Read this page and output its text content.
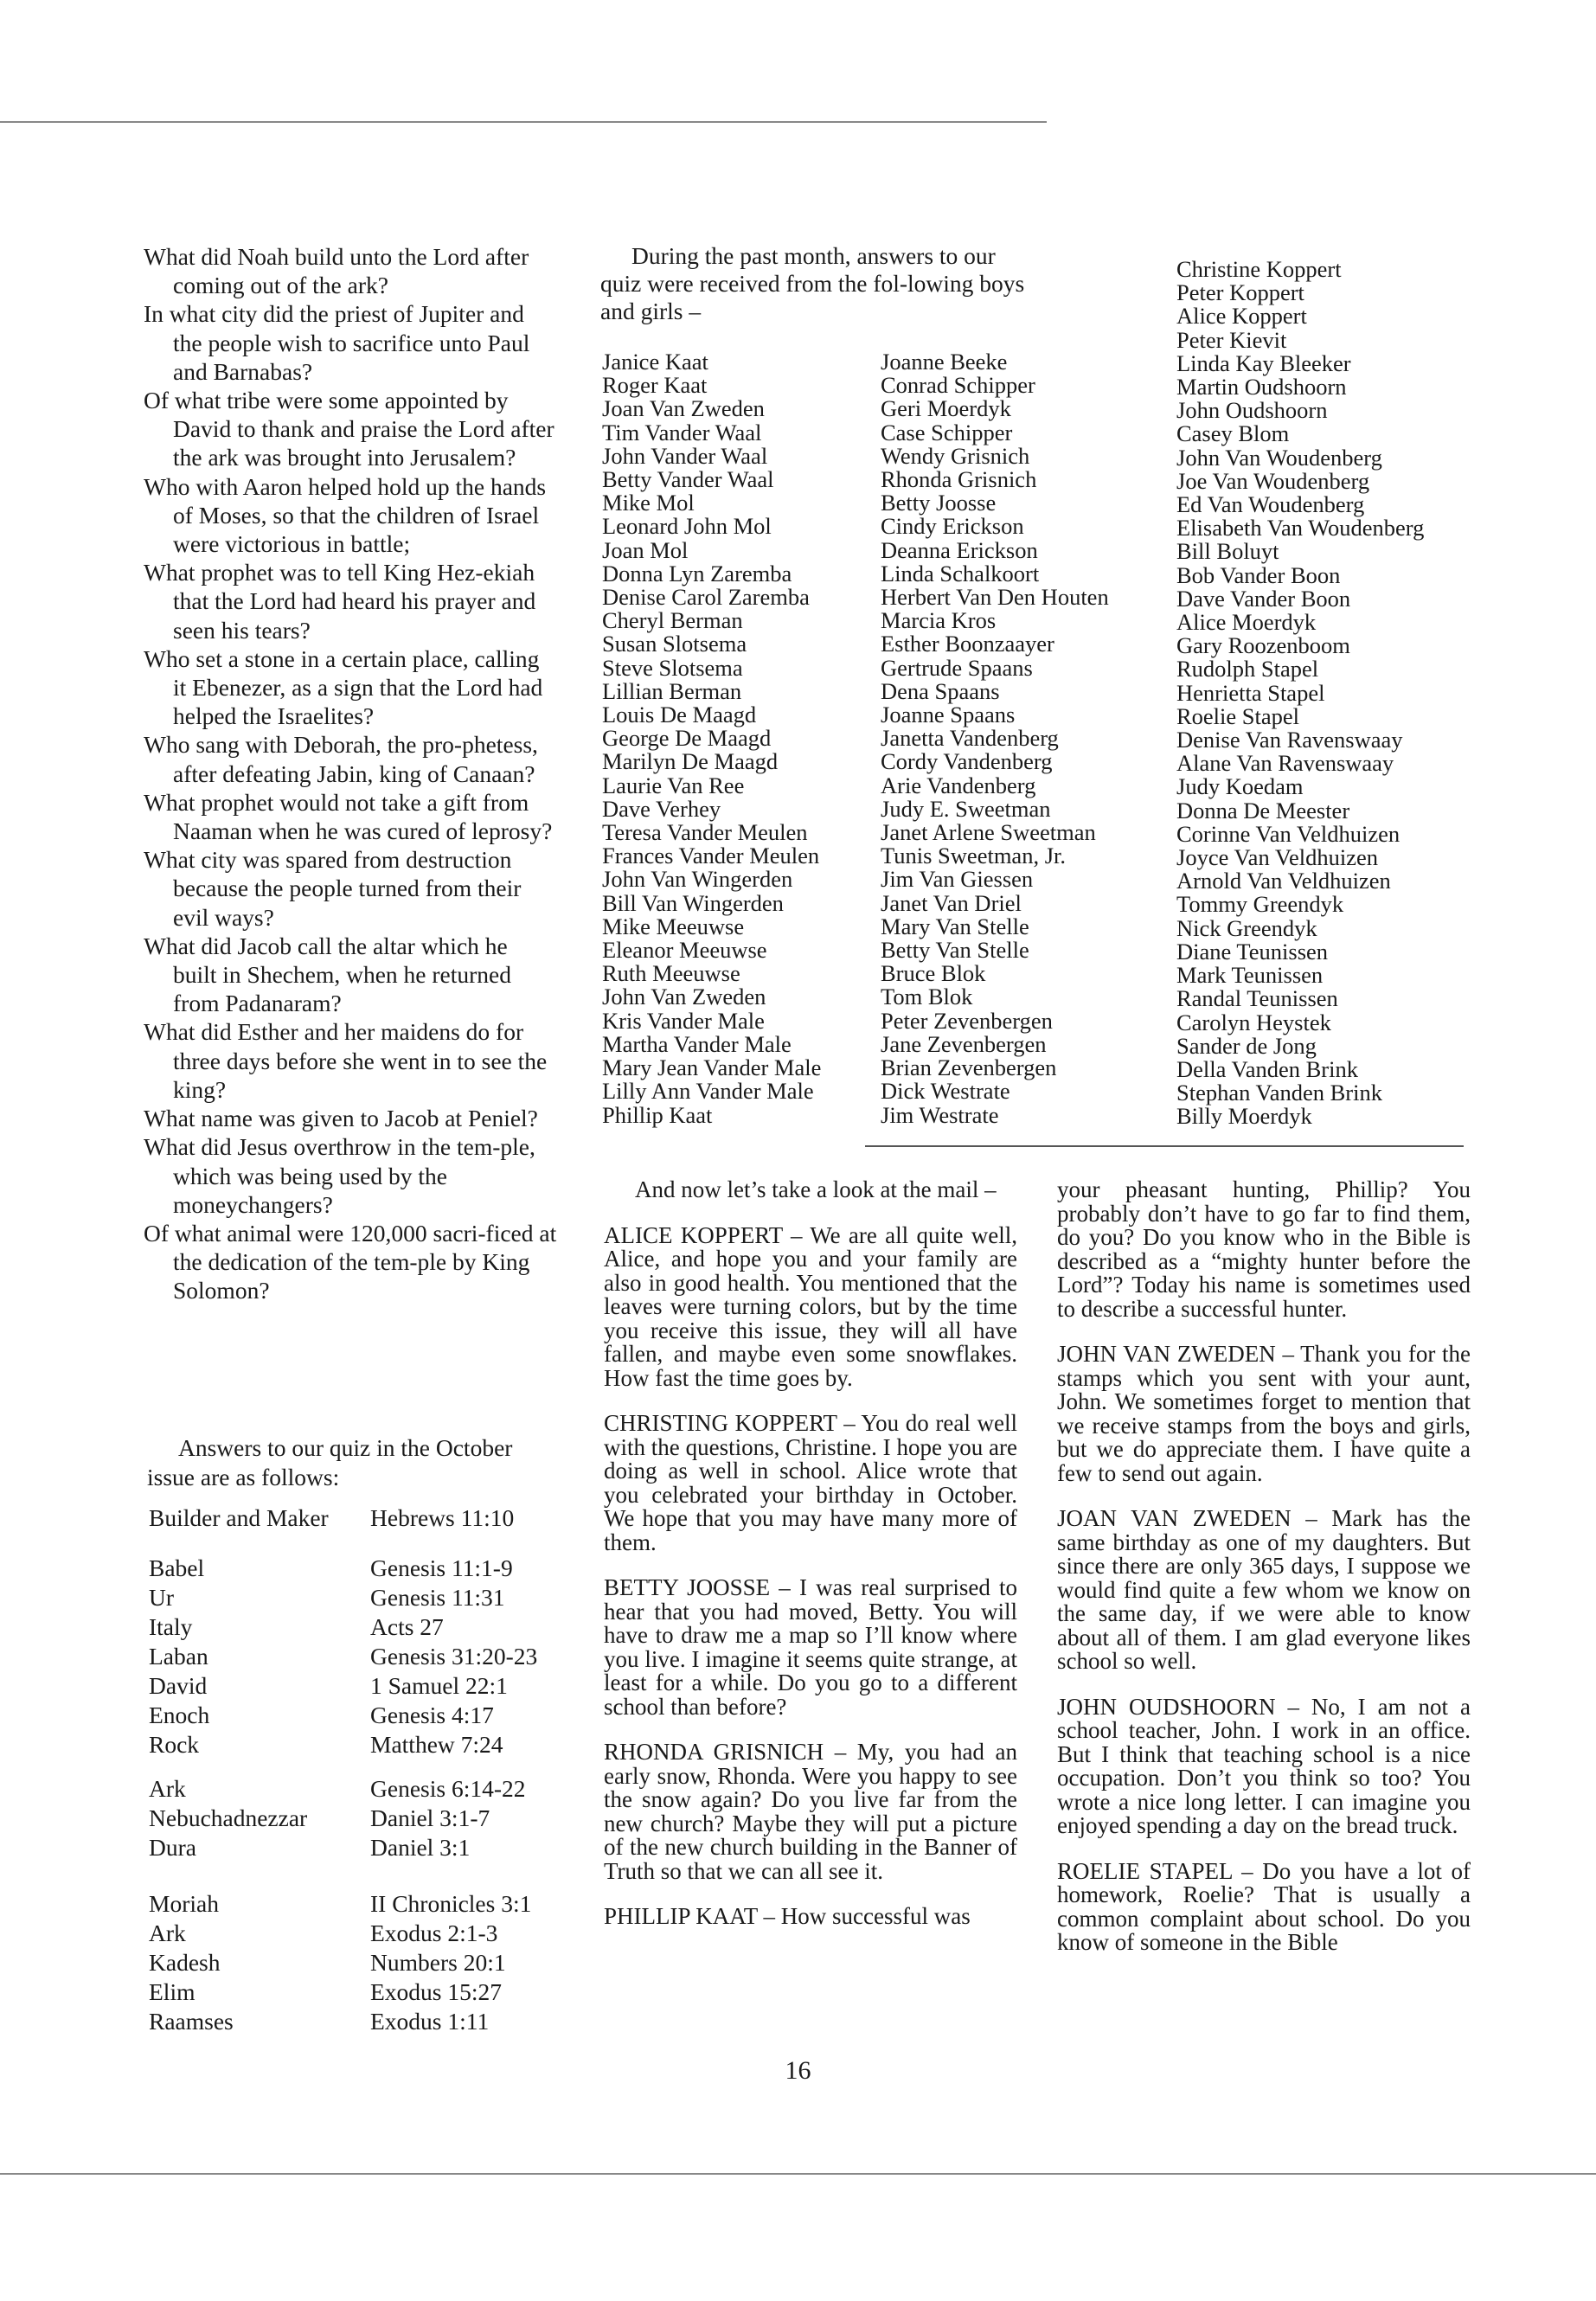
What did Noah build unto the Lord after coming out of the ark?

In what city did the priest of Jupiter and the people wish to sacrifice unto Paul and Barnabas?

Of what tribe were some appointed by David to thank and praise the Lord after the ark was brought into Jerusalem?

Who with Aaron helped hold up the hands of Moses, so that the children of Israel were victorious in battle;

What prophet was to tell King Hez-ekiah that the Lord had heard his prayer and seen his tears?

Who set a stone in a certain place, calling it Ebenezer, as a sign that the Lord had helped the Israelites?

Who sang with Deborah, the pro-phetess, after defeating Jabin, king of Canaan?

What prophet would not take a gift from Naaman when he was cured of leprosy?

What city was spared from destruction because the people turned from their evil ways?

What did Jacob call the altar which he built in Shechem, when he returned from Padanaram?

What did Esther and her maidens do for three days before she went in to see the king?

What name was given to Jacob at Peniel?

What did Jesus overthrow in the tem-ple, which was being used by the moneychangers?

Of what animal were 120,000 sacri-ficed at the dedication of the tem-ple by King Solomon?

During the past month, answers to our quiz were received from the fol-lowing boys and girls –
Janice Kaat
Roger Kaat
Joan Van Zweden
Tim Vander Waal
John Vander Waal
Betty Vander Waal
Mike Mol
Leonard John Mol
Joan Mol
Donna Lyn Zaremba
Denise Carol Zaremba
Cheryl Berman
Susan Slotsema
Steve Slotsema
Lillian Berman
Louis De Maagd
George De Maagd
Marilyn De Maagd
Laurie Van Ree
Dave Verhey
Teresa Vander Meulen
Frances Vander Meulen
John Van Wingerden
Bill Van Wingerden
Mike Meeuwse
Eleanor Meeuwse
Ruth Meeuwse
John Van Zweden
Kris Vander Male
Martha Vander Male
Mary Jean Vander Male
Lilly Ann Vander Male
Phillip Kaat
Joanne Beeke
Conrad Schipper
Geri Moerdyk
Case Schipper
Wendy Grisnich
Rhonda Grisnich
Betty Joosse
Cindy Erickson
Deanna Erickson
Linda Schalkoort
Herbert Van Den Houten
Marcia Kros
Esther Boonzaayer
Gertrude Spaans
Dena Spaans
Joanne Spaans
Janetta Vandenberg
Cordy Vandenberg
Arie Vandenberg
Judy E. Sweetman
Janet Arlene Sweetman
Tunis Sweetman, Jr.
Jim Van Giessen
Janet Van Driel
Mary Van Stelle
Betty Van Stelle
Bruce Blok
Tom Blok
Peter Zevenbergen
Jane Zevenbergen
Brian Zevenbergen
Dick Westrate
Jim Westrate
Christine Koppert
Peter Koppert
Alice Koppert
Peter Kievit
Linda Kay Bleeker
Martin Oudshoorn
John Oudshoorn
Casey Blom
John Van Woudenberg
Joe Van Woudenberg
Ed Van Woudenberg
Elisabeth Van Woudenberg
Bill Boluyt
Bob Vander Boon
Dave Vander Boon
Alice Moerdyk
Gary Roozenboom
Rudolph Stapel
Henrietta Stapel
Roelie Stapel
Denise Van Ravenswaay
Alane Van Ravenswaay
Judy Koedam
Donna De Meester
Corinne Van Veldhuizen
Joyce Van Veldhuizen
Arnold Van Veldhuizen
Tommy Greendyk
Nick Greendyk
Diane Teunissen
Mark Teunissen
Randal Teunissen
Carolyn Heystek
Sander de Jong
Della Vanden Brink
Stephan Vanden Brink
Billy Moerdyk
Answers to our quiz in the October issue are as follows:
Builder and Maker	Hebrews 11:10
Babel	Genesis 11:1-9
Ur	Genesis 11:31
Italy	Acts 27
Laban	Genesis 31:20-23
David	1 Samuel 22:1
Enoch	Genesis 4:17
Rock	Matthew 7:24
Ark	Genesis 6:14-22
Nebuchadnezzar	Daniel 3:1-7
Dura	Daniel 3:1
Moriah	II Chronicles 3:1
Ark	Exodus 2:1-3
Kadesh	Numbers 20:1
Elim	Exodus 15:27
Raamses	Exodus 1:11

And now let’s take a look at the mail –

ALICE KOPPERT – We are all quite well, Alice, and hope you and your family are also in good health. You mentioned that the leaves were turning colors, but by the time you receive this issue, they will all have fallen, and maybe even some snowflakes. How fast the time goes by.

CHRISTING KOPPERT – You do real well with the questions, Christine. I hope you are doing as well in school. Alice wrote that you celebrated your birthday in October. We hope that you may have many more of them.

BETTY JOOSSE – I was real surprised to hear that you had moved, Betty. You will have to draw me a map so I’ll know where you live. I imagine it seems quite strange, at least for a while. Do you go to a different school than before?

RHONDA GRISNICH – My, you had an early snow, Rhonda. Were you happy to see the snow again? Do you live far from the new church? Maybe they will put a picture of the new church building in the Banner of Truth so that we can all see it.

PHILLIP KAAT – How successful was

your pheasant hunting, Phillip? You probably don’t have to go far to find them, do you? Do you know who in the Bible is described as a “mighty hunter before the Lord”? Today his name is sometimes used to describe a successful hunter.

JOHN VAN ZWEDEN – Thank you for the stamps which you sent with your aunt, John. We sometimes forget to mention that we receive stamps from the boys and girls, but we do appreciate them. I have quite a few to send out again.

JOAN VAN ZWEDEN – Mark has the same birthday as one of my daughters. But since there are only 365 days, I suppose we would find quite a few whom we know on the same day, if we were able to know about all of them. I am glad everyone likes school so well.

JOHN OUDSHOORN – No, I am not a school teacher, John. I work in an office. But I think that teaching school is a nice occupation. Don’t you think so too? You wrote a nice long letter. I can imagine you enjoyed spending a day on the bread truck.

ROELIE STAPEL – Do you have a lot of homework, Roelie? That is usually a common complaint about school. Do you know of someone in the Bible

16
